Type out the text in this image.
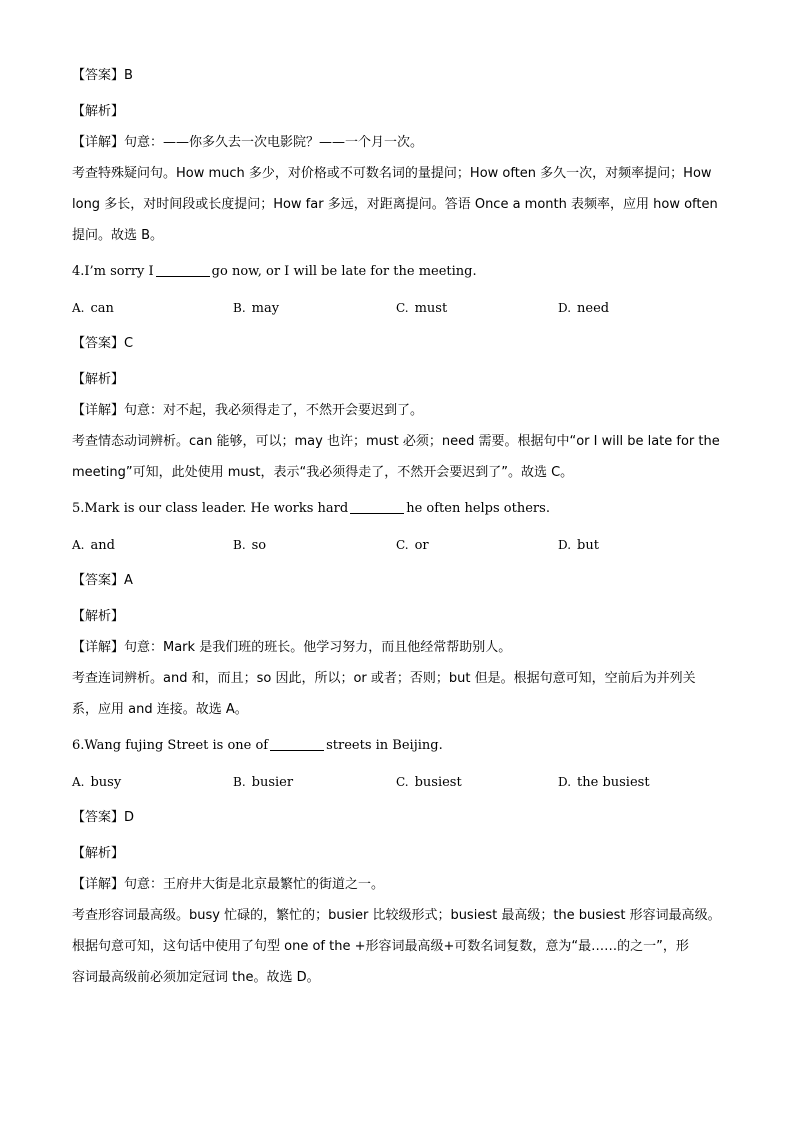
【答案】B
【解析】
【详解】句意：——你多久去一次电影院？——一个月一次。
考查特殊疑问句。How much 多少，对价格或不可数名词的量提问；How often 多久一次，对频率提问；How
long 多长，对时间段或长度提问；How far 多远，对距离提问。答语 Once a month 表频率，应用 how often
提问。故选 B。
4.I’m sorry I	go now, or I will be late for the meeting.
A. can	B. may	C. must	D. need
【答案】C
【解析】
【详解】句意：对不起，我必须得走了，不然开会要迟到了。
考查情态动词辨析。can 能够，可以；may 也许；must 必须；need 需要。根据句中“or I will be late for the
meeting”可知，此处使用 must，表示“我必须得走了，不然开会要迟到了”。故选 C。
5.Mark is our class leader. He works hard	he often helps others.
A. and	B. so	C. or	D. but
【答案】A
【解析】
【详解】句意：Mark 是我们班的班长。他学习努力，而且他经常帮助别人。
考查连词辨析。and 和，而且；so 因此，所以；or 或者；否则；but 但是。根据句意可知，空前后为并列关
系，应用 and 连接。故选 A。
6.Wang fujing Street is one of	streets in Beijing.
A. busy	B. busier	C. busiest	D. the busiest
【答案】D
【解析】
【详解】句意：王府井大街是北京最繁忙的街道之一。
考查形容词最高级。busy 忙碌的，繁忙的；busier 比较级形式；busiest 最高级；the busiest 形容词最高级。
根据句意可知，这句话中使用了句型 one of the +形容词最高级+可数名词复数，意为“最……的之一”，形
容词最高级前必须加定冠词 the。故选 D。
